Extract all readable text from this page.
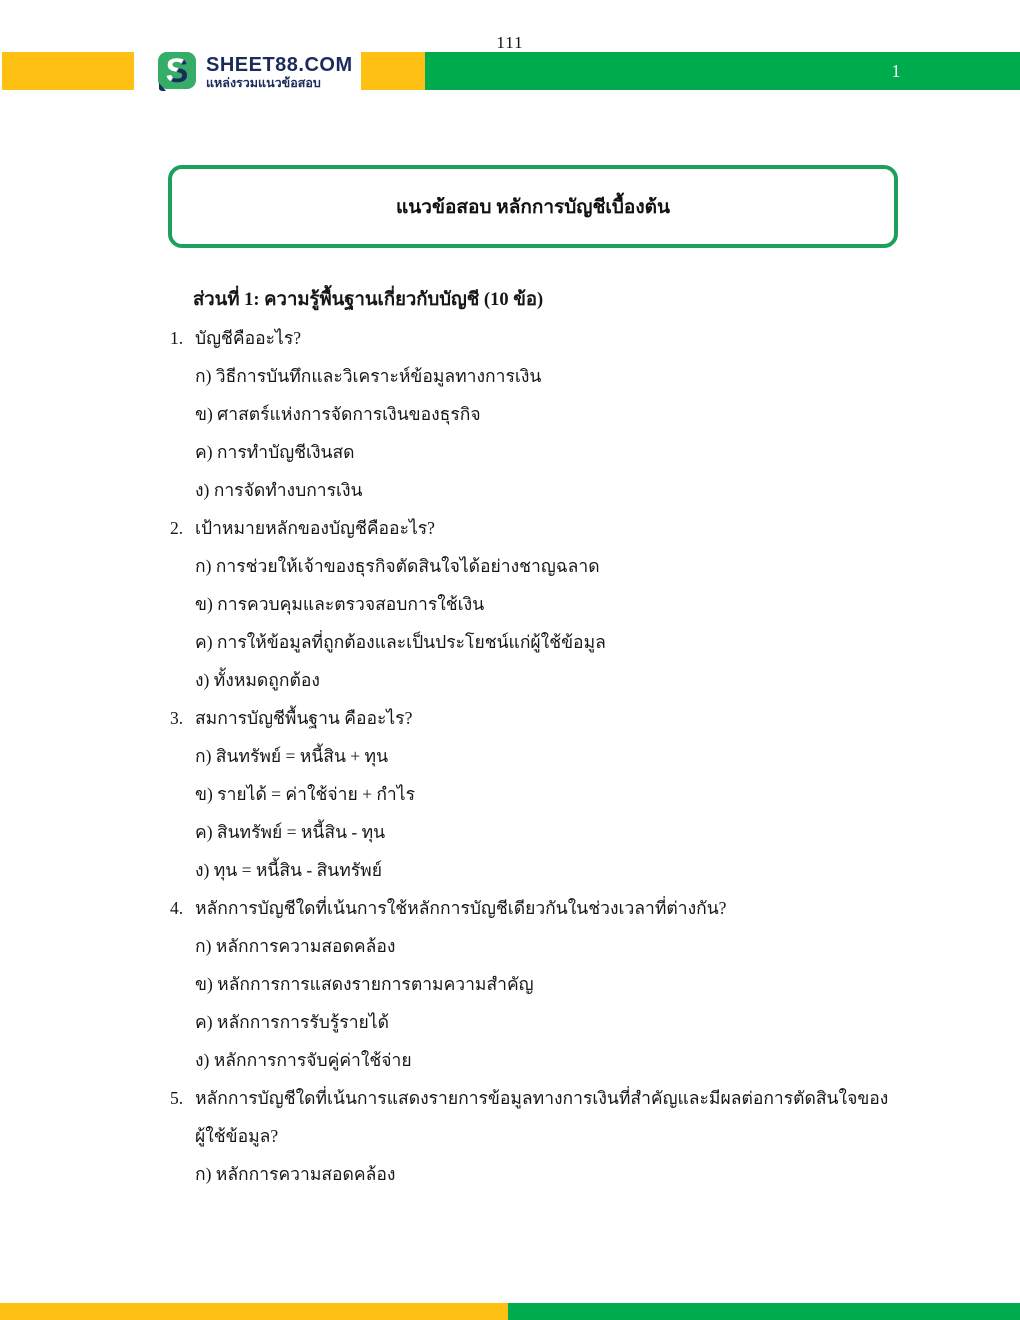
111
1
S SHEET88.COM
แหล่งรวมแนวข้อสอบ
แนวข้อสอบ หลักการบัญชีเบื้องต้น
ส่วนที่ 1: ความรู้พื้นฐานเกี่ยวกับบัญชี (10 ข้อ)
1. บัญชีคืออะไร?
ก) วิธีการบันทึกและวิเคราะห์ข้อมูลทางการเงิน
ข) ศาสตร์แห่งการจัดการเงินของธุรกิจ
ค) การทำบัญชีเงินสด
ง) การจัดทำงบการเงิน
2. เป้าหมายหลักของบัญชีคืออะไร?
ก) การช่วยให้เจ้าของธุรกิจตัดสินใจได้อย่างชาญฉลาด
ข) การควบคุมและตรวจสอบการใช้เงิน
ค) การให้ข้อมูลที่ถูกต้องและเป็นประโยชน์แก่ผู้ใช้ข้อมูล
ง) ทั้งหมดถูกต้อง
3. สมการบัญชีพื้นฐาน คืออะไร?
ก) สินทรัพย์ = หนี้สิน + ทุน
ข) รายได้ = ค่าใช้จ่าย + กำไร
ค) สินทรัพย์ = หนี้สิน - ทุน
ง) ทุน = หนี้สิน - สินทรัพย์
4. หลักการบัญชีใดที่เน้นการใช้หลักการบัญชีเดียวกันในช่วงเวลาที่ต่างกัน?
ก) หลักการความสอดคล้อง
ข) หลักการการแสดงรายการตามความสำคัญ
ค) หลักการการรับรู้รายได้
ง) หลักการการจับคู่ค่าใช้จ่าย
5. หลักการบัญชีใดที่เน้นการแสดงรายการข้อมูลทางการเงินที่สำคัญและมีผลต่อการตัดสินใจของผู้ใช้ข้อมูล?
ก) หลักการความสอดคล้อง
